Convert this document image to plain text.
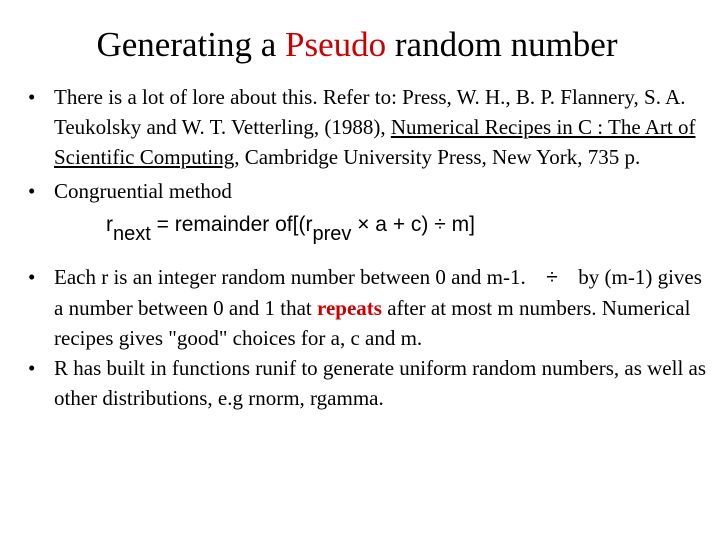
Generating a Pseudo random number
• There is a lot of lore about this. Refer to: Press, W. H., B. P. Flannery, S. A. Teukolsky and W. T. Vetterling, (1988), Numerical Recipes in C : The Art of Scientific Computing, Cambridge University Press, New York, 735 p.
• Congruential method
$r_{next}$ = remainder $of[(r_{prev} \times a + c) \div m]$
• Each r is an integer random number between 0 and m-1. ÷ by (m-1) gives a number between 0 and 1 that repeats after at most m numbers. Numerical recipes gives "good" choices for a, c and m.
• R has built in functions runif to generate uniform random numbers, as well as other distributions, e.g rnorm, rgamma.
